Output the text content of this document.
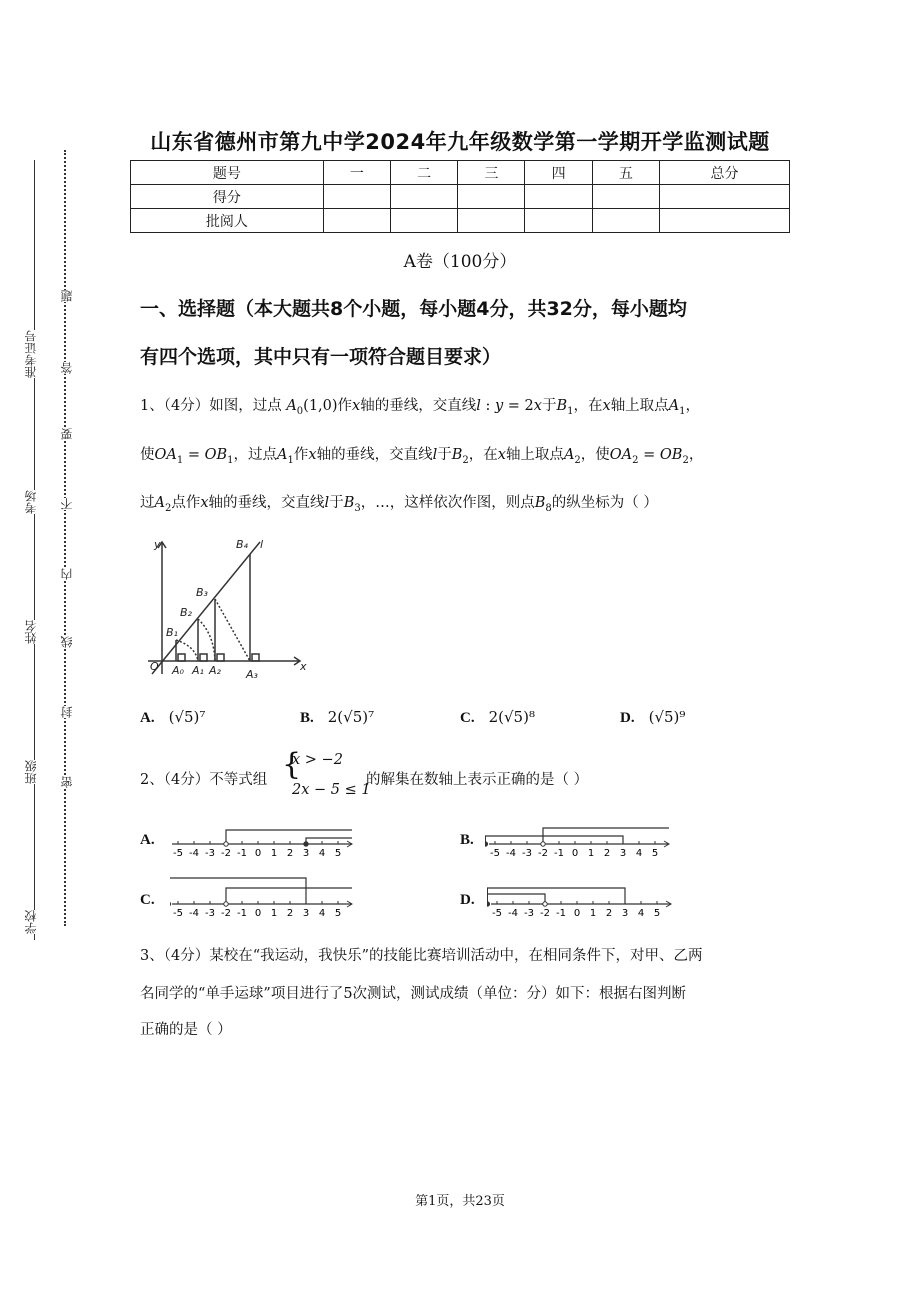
准考证号
考场
姓名
班级
学校
题
答
要
不
内
线
封
密
山东省德州市第九中学2024年九年级数学第一学期开学监测试题
题号	一	二	三	四	五	总分
得分						
批阅人						
A卷（100分）
一、选择题（本大题共8个小题，每小题4分，共32分，每小题均
有四个选项，其中只有一项符合题目要求）
1、（4分）如图，过点 $A_0(1,0)$作x轴的垂线，交直线l : y = 2x于$B_1$，在x轴上取点$A_1$，
使$OA_1 = OB_1$，过点$A_1$作x轴的垂线，交直线l于$B_2$，在x轴上取点$A_2$，使$OA_2 = OB_2$，
过$A_2$点作x轴的垂线，交直线l于$B_3$，…，这样依次作图，则点$B_8$的纵坐标为（ ）
O
y
x
l
A₀ A₁ A₂ A₃
B₁
B₂
B₃
B₄
A. (√5)⁷	B. 2(√5)⁷	C. 2(√5)⁸	D. (√5)⁹
2、（4分）不等式组 {
x > −2
2x − 5 ≤ 1
的解集在数轴上表示正确的是（ ）
A.	B.
C.	D.
-5 -4 -3 -2 -1 0 1 2 3 4 5	-5 -4 -3 -2 -1 0 1 2 3 4 5
-5 -4 -3 -2 -1 0 1 2 3 4 5	-5 -4 -3 -2 -1 0 1 2 3 4 5
3、（4分）某校在“我运动，我快乐”的技能比赛培训活动中，在相同条件下，对甲、乙两
名同学的“单手运球”项目进行了5次测试，测试成绩（单位：分）如下：根据右图判断
正确的是（ ）
第1页，共23页
